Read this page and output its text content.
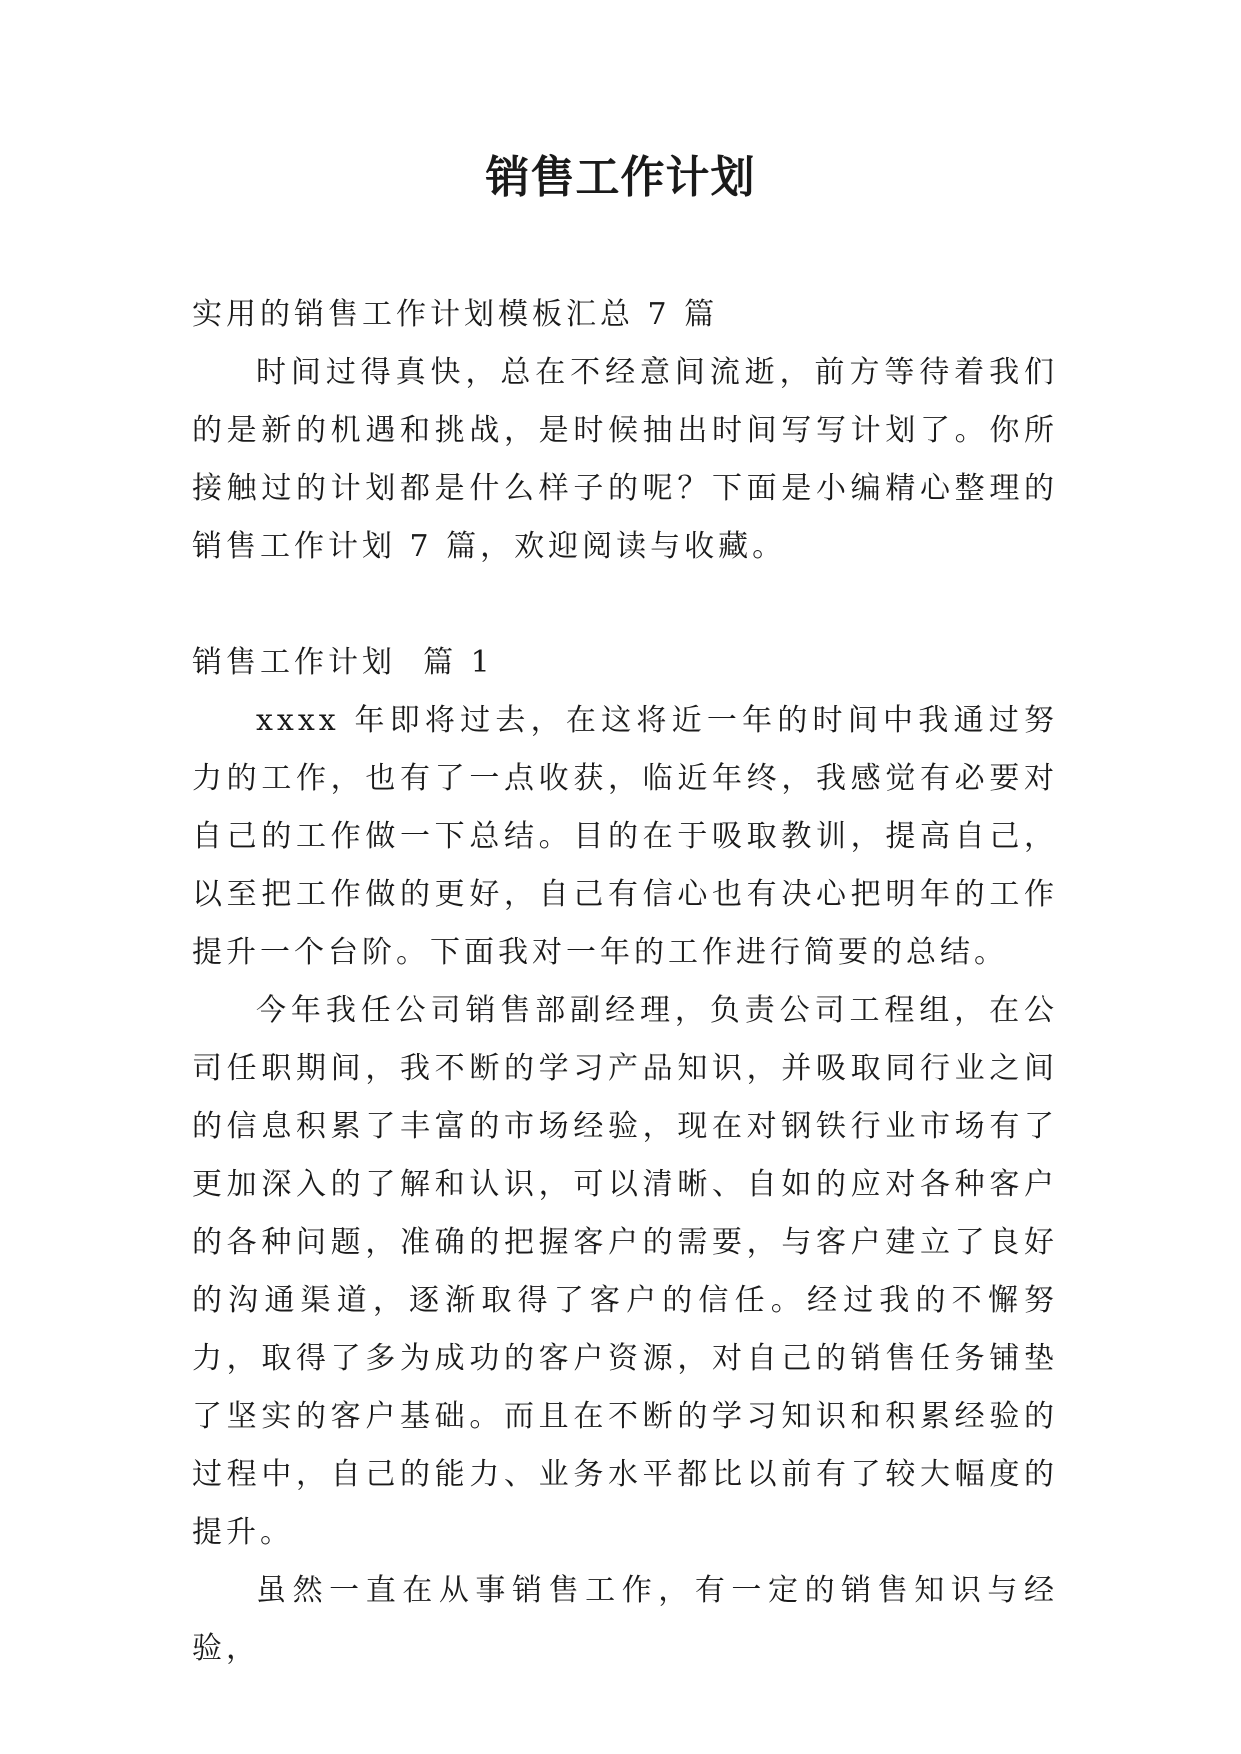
销售工作计划

实用的销售工作计划模板汇总 7 篇

时间过得真快，总在不经意间流逝，前方等待着我们的是新的机遇和挑战，是时候抽出时间写写计划了。你所接触过的计划都是什么样子的呢？下面是小编精心整理的销售工作计划 7 篇，欢迎阅读与收藏。

销售工作计划  篇 1

xxxx 年即将过去，在这将近一年的时间中我通过努力的工作，也有了一点收获，临近年终，我感觉有必要对自己的工作做一下总结。目的在于吸取教训，提高自己，以至把工作做的更好，自己有信心也有决心把明年的工作提升一个台阶。下面我对一年的工作进行简要的总结。

今年我任公司销售部副经理，负责公司工程组，在公司任职期间，我不断的学习产品知识，并吸取同行业之间的信息积累了丰富的市场经验，现在对钢铁行业市场有了更加深入的了解和认识，可以清晰、自如的应对各种客户的各种问题，准确的把握客户的需要，与客户建立了良好的沟通渠道，逐渐取得了客户的信任。经过我的不懈努力，取得了多为成功的客户资源，对自己的销售任务铺垫了坚实的客户基础。而且在不断的学习知识和积累经验的过程中，自己的能力、业务水平都比以前有了较大幅度的提升。

虽然一直在从事销售工作，有一定的销售知识与经验，
